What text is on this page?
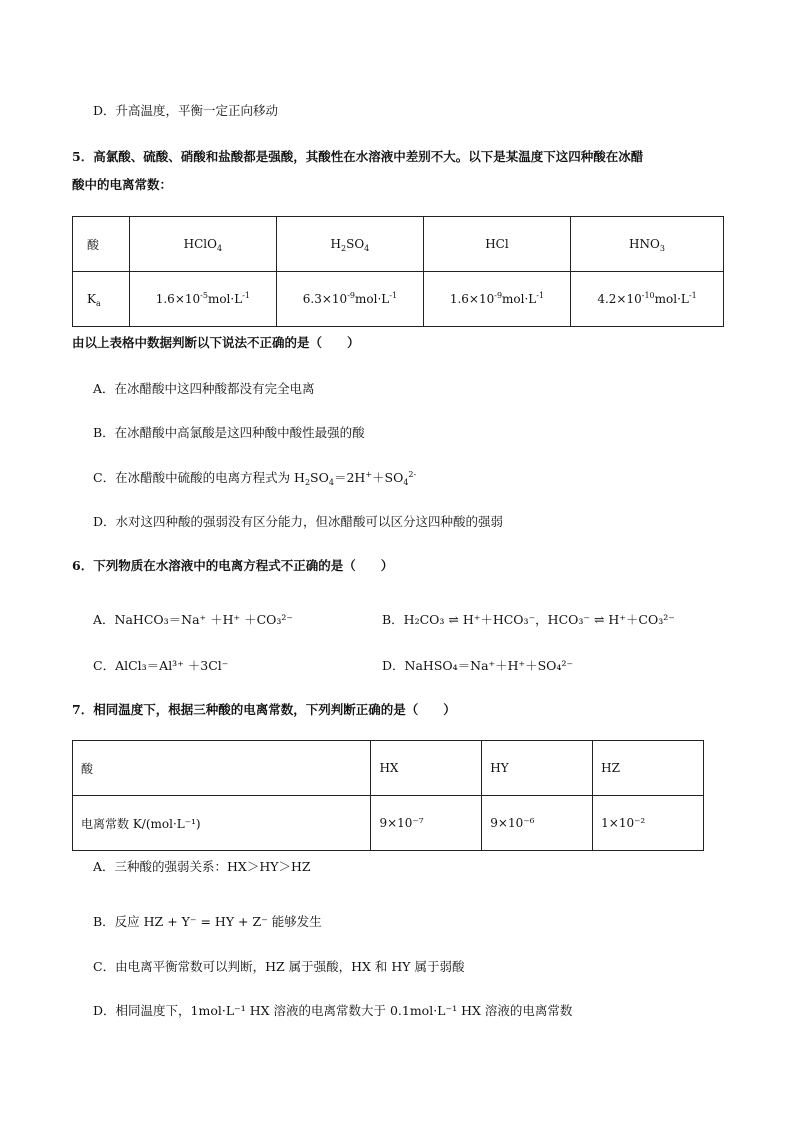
D．升高温度，平衡一定正向移动
5．高氯酸、硫酸、硝酸和盐酸都是强酸，其酸性在水溶液中差别不大。以下是某温度下这四种酸在冰醋
酸中的电离常数：
酸	HClO$_4$	$H_2SO_4$	HCl	$HNO_3$
$K_a$	$1.6\times 10^{-5}mol\cdot L^{-1}$	$6.3\times 10^{-9}mol\cdot L^{-1}$	$1.6\times 10^{-9}mol\cdot L^{-1}$	$4.2\times 10^{-10}mol\cdot L^{-1}$
由以上表格中数据判断以下说法不正确的是（　　）
A．在冰醋酸中这四种酸都没有完全电离
B．在冰醋酸中高氯酸是这四种酸中酸性最强的酸
C．在冰醋酸中硫酸的电离方程式为 $H_2SO_4=2H^++SO_4^{2-}$
D．水对这四种酸的强弱没有区分能力，但冰醋酸可以区分这四种酸的强弱
6．下列物质在水溶液中的电离方程式不正确的是（　　）
A．NaHCO₃＝Na⁺ ＋H⁺ ＋CO₃²⁻	B．H₂CO₃ ⇌ H⁺＋HCO₃⁻，HCO₃⁻ ⇌ H⁺＋CO₃²⁻
C．AlCl₃＝Al³⁺ ＋3Cl⁻	D．NaHSO₄＝Na⁺＋H⁺＋SO₄²⁻
7．相同温度下，根据三种酸的电离常数，下列判断正确的是（　　）
酸	HX	HY	HZ
电离常数 K/(mol·L⁻¹)	9×10⁻⁷	9×10⁻⁶	1×10⁻²
A．三种酸的强弱关系：HX＞HY＞HZ
B．反应 HZ + Y⁻ = HY + Z⁻ 能够发生
C．由电离平衡常数可以判断，HZ 属于强酸，HX 和 HY 属于弱酸
D．相同温度下，1mol·L⁻¹ HX 溶液的电离常数大于 0.1mol·L⁻¹ HX 溶液的电离常数
